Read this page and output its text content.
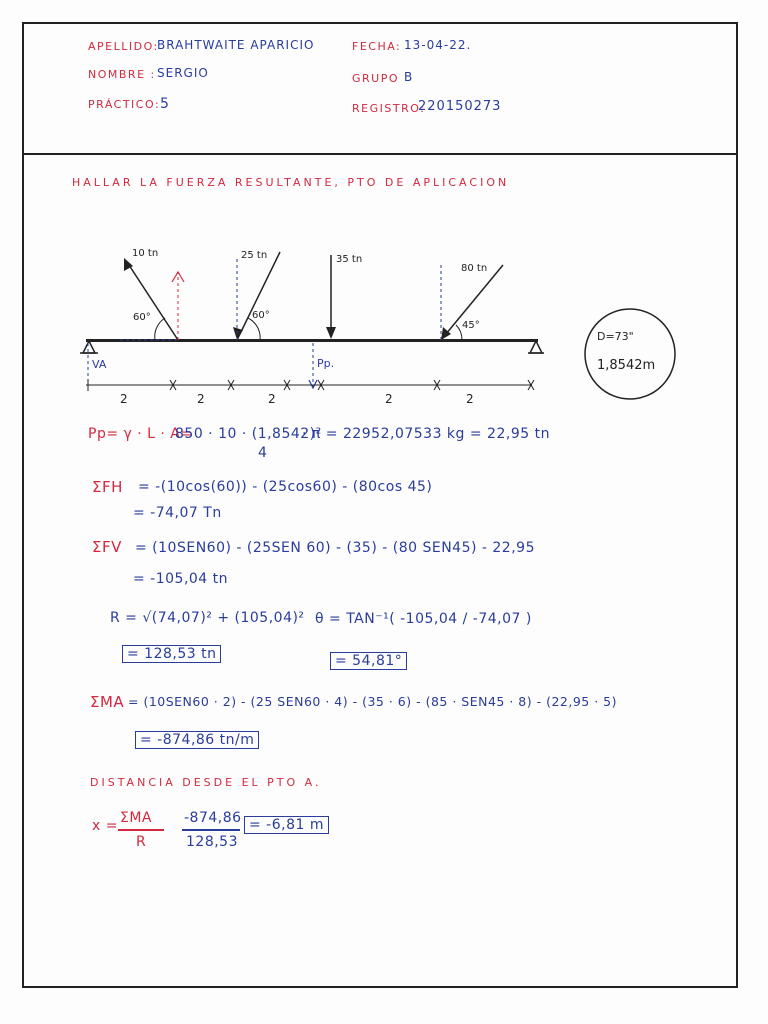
APELLIDO:
BRAHTWAITE APARICIO
NOMBRE : SERGIO
PRÁCTICO: 5
FECHA: 13-04-22.
GRUPO B
REGISTRO:
220150273
HALLAR LA FUERZA RESULTANTE, PTO DE APLICACION
VA
10 tn
60°
25 tn
60°
35 tn
Pp.
80 tn
45°
2	2	2	2	2
D=73"
1,8542m
Pp= γ · L · A=
850 · 10 · (1,8542)²
4
· π = 22952,07533 kg = 22,95 tn
ΣFH = -(10cos(60)) - (25cos60) - (80cos 45)
= -74,07 Tn
ΣFV = (10SEN60) - (25SEN 60) - (35) - (80 SEN45) - 22,95
= -105,04 tn
R = √(74,07)² + (105,04)²
= 128,53 tn
θ = TAN⁻¹( -105,04 / -74,07 )
= 54,81°
ΣMA = (10SEN60 · 2) - (25 SEN60 · 4) - (35 · 6) - (85 · SEN45 · 8) - (22,95 · 5)
= -874,86 tn/m
DISTANCIA DESDE EL PTO A.
x = ΣMA
R
-874,86
128,53
= -6,81 m
